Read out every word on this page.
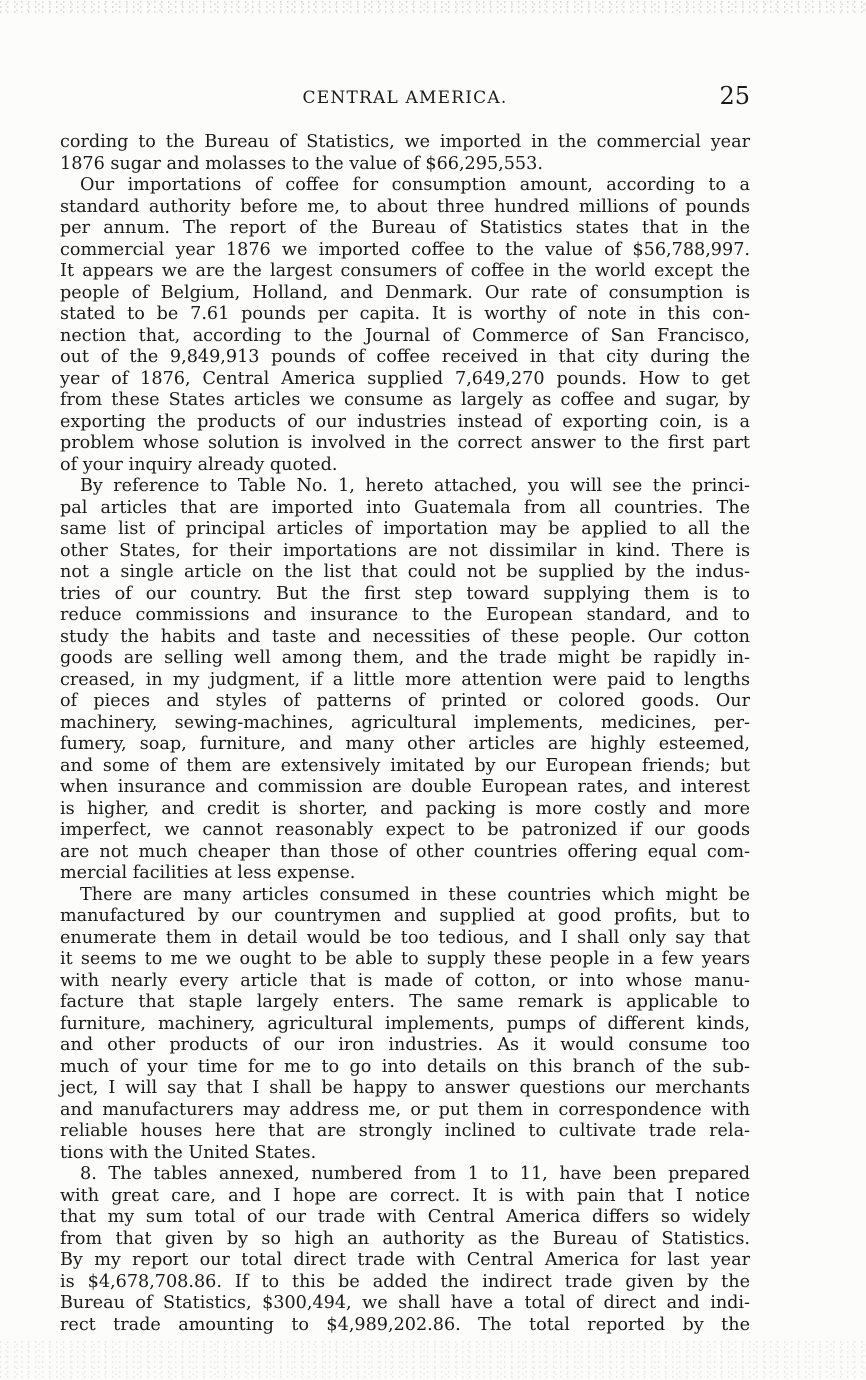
CENTRAL AMERICA.	25
cording to the Bureau of Statistics, we imported in the commercial year
1876 sugar and molasses to the value of $66,295,553.
Our importations of coffee for consumption amount, according to a
standard authority before me, to about three hundred millions of pounds
per annum. The report of the Bureau of Statistics states that in the
commercial year 1876 we imported coffee to the value of $56,788,997.
It appears we are the largest consumers of coffee in the world except the
people of Belgium, Holland, and Denmark. Our rate of consumption is
stated to be 7.61 pounds per capita. It is worthy of note in this con-
nection that, according to the Journal of Commerce of San Francisco,
out of the 9,849,913 pounds of coffee received in that city during the
year of 1876, Central America supplied 7,649,270 pounds. How to get
from these States articles we consume as largely as coffee and sugar, by
exporting the products of our industries instead of exporting coin, is a
problem whose solution is involved in the correct answer to the first part
of your inquiry already quoted.
By reference to Table No. 1, hereto attached, you will see the princi-
pal articles that are imported into Guatemala from all countries. The
same list of principal articles of importation may be applied to all the
other States, for their importations are not dissimilar in kind. There is
not a single article on the list that could not be supplied by the indus-
tries of our country. But the first step toward supplying them is to
reduce commissions and insurance to the European standard, and to
study the habits and taste and necessities of these people. Our cotton
goods are selling well among them, and the trade might be rapidly in-
creased, in my judgment, if a little more attention were paid to lengths
of pieces and styles of patterns of printed or colored goods. Our
machinery, sewing-machines, agricultural implements, medicines, per-
fumery, soap, furniture, and many other articles are highly esteemed,
and some of them are extensively imitated by our European friends; but
when insurance and commission are double European rates, and interest
is higher, and credit is shorter, and packing is more costly and more
imperfect, we cannot reasonably expect to be patronized if our goods
are not much cheaper than those of other countries offering equal com-
mercial facilities at less expense.
There are many articles consumed in these countries which might be
manufactured by our countrymen and supplied at good profits, but to
enumerate them in detail would be too tedious, and I shall only say that
it seems to me we ought to be able to supply these people in a few years
with nearly every article that is made of cotton, or into whose manu-
facture that staple largely enters. The same remark is applicable to
furniture, machinery, agricultural implements, pumps of different kinds,
and other products of our iron industries. As it would consume too
much of your time for me to go into details on this branch of the sub-
ject, I will say that I shall be happy to answer questions our merchants
and manufacturers may address me, or put them in correspondence with
reliable houses here that are strongly inclined to cultivate trade rela-
tions with the United States.
8. The tables annexed, numbered from 1 to 11, have been prepared
with great care, and I hope are correct. It is with pain that I notice
that my sum total of our trade with Central America differs so widely
from that given by so high an authority as the Bureau of Statistics.
By my report our total direct trade with Central America for last year
is $4,678,708.86. If to this be added the indirect trade given by the
Bureau of Statistics, $300,494, we shall have a total of direct and indi-
rect trade amounting to $4,989,202.86. The total reported by the
